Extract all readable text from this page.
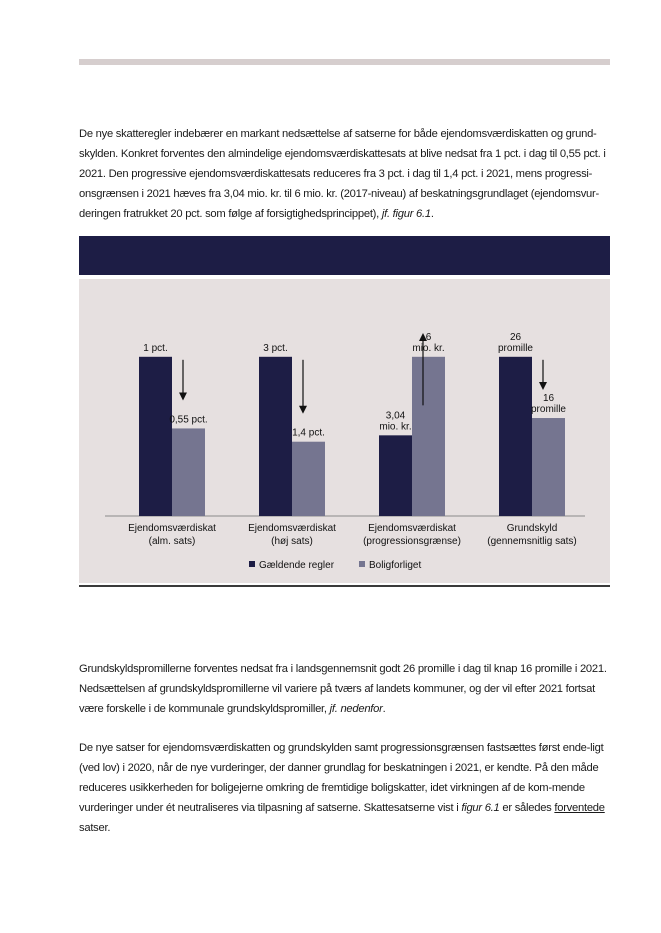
De nye skatteregler indebærer en markant nedsættelse af satserne for både ejendomsværdiskatten og grund-skylden. Konkret forventes den almindelige ejendomsværdiskattesats at blive nedsat fra 1 pct. i dag til 0,55 pct. i 2021. Den progressive ejendomsværdiskattesats reduceres fra 3 pct. i dag til 1,4 pct. i 2021, mens progressi-onsgrænsen i 2021 hæves fra 3,04 mio. kr. til 6 mio. kr. (2017-niveau) af beskatningsgrundlaget (ejendomsvur-deringen fratrukket 20 pct. som følge af forsigtighedsprincippet), jf. figur 6.1.

1 pct.
0,55 pct.
Ejendomsværdiskat
(alm. sats)
3 pct.
1,4 pct.
Ejendomsværdiskat
(høj sats)
3,04
mio. kr.
6
mio. kr.
Ejendomsværdiskat
(progressionsgrænse)
26
promille
16
promille
Grundskyld
(gennemsnitlig sats)
Gældende regler	Boligforliget

Grundskyldspromillerne forventes nedsat fra i landsgennemsnit godt 26 promille i dag til knap 16 promille i 2021. Nedsættelsen af grundskyldspromillerne vil variere på tværs af landets kommuner, og der vil efter 2021 fortsat være forskelle i de kommunale grundskyldspromiller, jf. nedenfor.

De nye satser for ejendomsværdiskatten og grundskylden samt progressionsgrænsen fastsættes først ende-ligt (ved lov) i 2020, når de nye vurderinger, der danner grundlag for beskatningen i 2021, er kendte. På den måde reduceres usikkerheden for boligejerne omkring de fremtidige boligskatter, idet virkningen af de kom-mende vurderinger under ét neutraliseres via tilpasning af satserne. Skattesatserne vist i figur 6.1 er således forventede satser.
